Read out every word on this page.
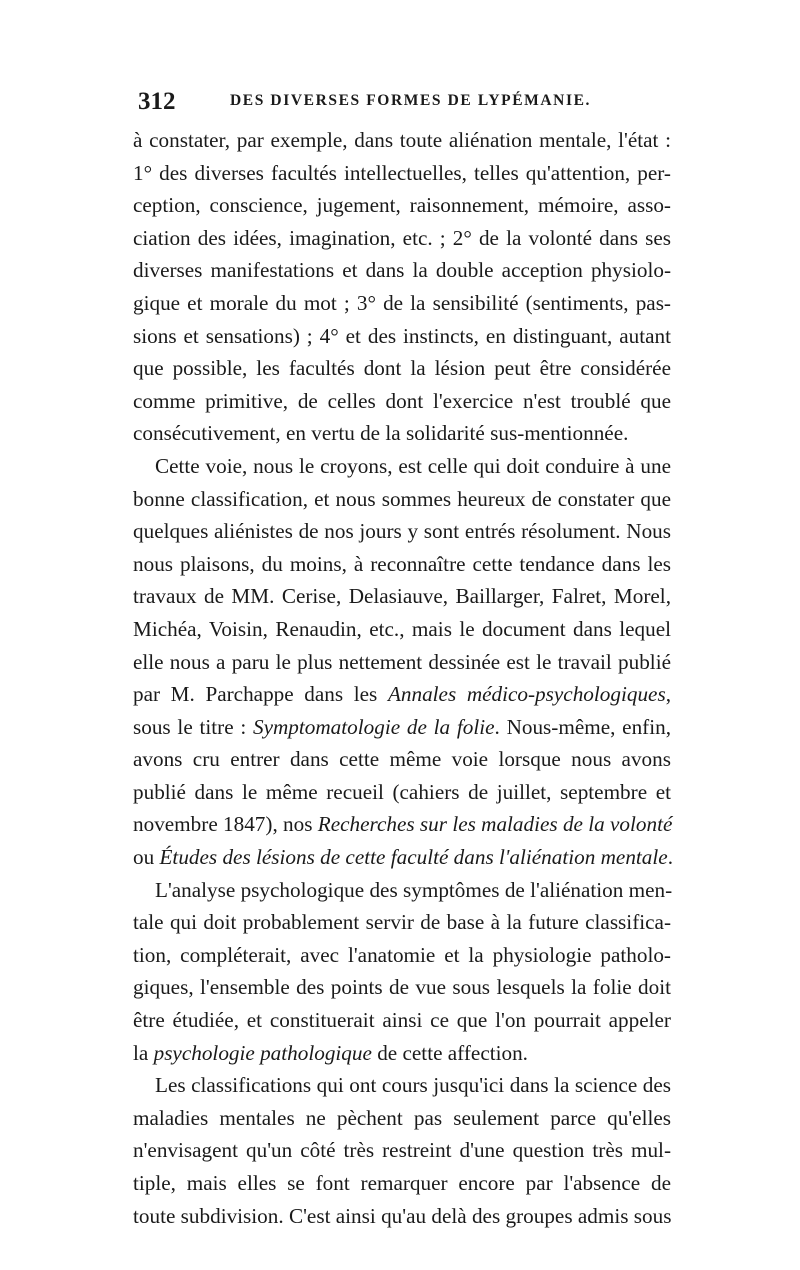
312	DES DIVERSES FORMES DE LYPÉMANIE.
à constater, par exemple, dans toute aliénation mentale, l'état :
1° des diverses facultés intellectuelles, telles qu'attention, per-
ception, conscience, jugement, raisonnement, mémoire, asso-
ciation des idées, imagination, etc. ; 2° de la volonté dans ses
diverses manifestations et dans la double acception physiolo-
gique et morale du mot ; 3° de la sensibilité (sentiments, pas-
sions et sensations) ; 4° et des instincts, en distinguant, autant
que possible, les facultés dont la lésion peut être considérée
comme primitive, de celles dont l'exercice n'est troublé que
consécutivement, en vertu de la solidarité sus-mentionnée.
Cette voie, nous le croyons, est celle qui doit conduire à une
bonne classification, et nous sommes heureux de constater que
quelques aliénistes de nos jours y sont entrés résolument. Nous
nous plaisons, du moins, à reconnaître cette tendance dans les
travaux de MM. Cerise, Delasiauve, Baillarger, Falret, Morel,
Michéa, Voisin, Renaudin, etc., mais le document dans lequel
elle nous a paru le plus nettement dessinée est le travail publié
par M. Parchappe dans les Annales médico-psychologiques,
sous le titre : Symptomatologie de la folie. Nous-même, enfin,
avons cru entrer dans cette même voie lorsque nous avons
publié dans le même recueil (cahiers de juillet, septembre et
novembre 1847), nos Recherches sur les maladies de la volonté
ou Études des lésions de cette faculté dans l'aliénation mentale.
L'analyse psychologique des symptômes de l'aliénation men-
tale qui doit probablement servir de base à la future classifica-
tion, compléterait, avec l'anatomie et la physiologie patholo-
giques, l'ensemble des points de vue sous lesquels la folie doit
être étudiée, et constituerait ainsi ce que l'on pourrait appeler
la psychologie pathologique de cette affection.
Les classifications qui ont cours jusqu'ici dans la science des
maladies mentales ne pèchent pas seulement parce qu'elles
n'envisagent qu'un côté très restreint d'une question très mul-
tiple, mais elles se font remarquer encore par l'absence de
toute subdivision. C'est ainsi qu'au delà des groupes admis sous
